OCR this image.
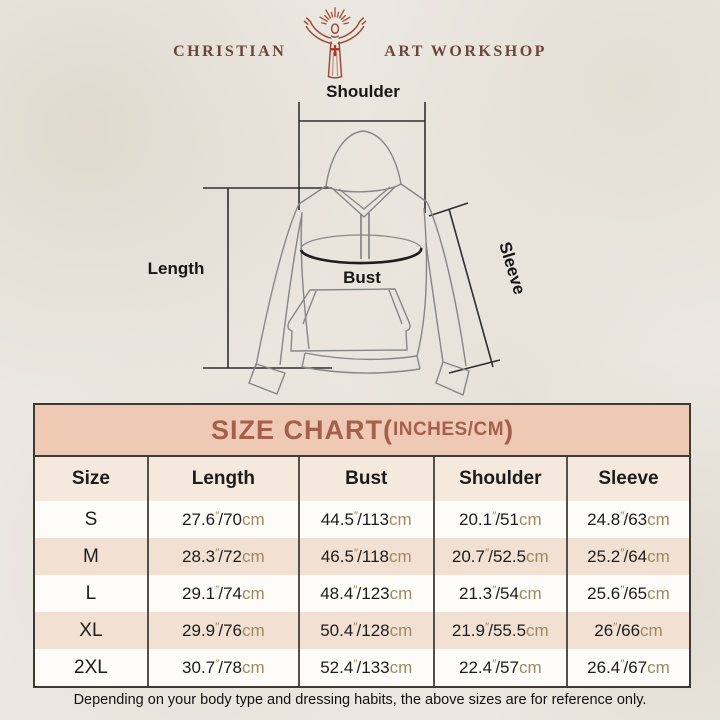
CHRISTIAN	ART WORKSHOP
Shoulder
Length	Bust	Sleeve
SIZE CHART( INCHES/CM )
Size	Length	Bust	Shoulder	Sleeve
S	27.6″/70cm	44.5″/113cm	20.1″/51cm	24.8″/63cm
M	28.3″/72cm	46.5″/118cm	20.7″/52.5cm	25.2″/64cm
L	29.1″/74cm	48.4″/123cm	21.3″/54cm	25.6″/65cm
XL	29.9″/76cm	50.4″/128cm	21.9″/55.5cm	26″/66cm
2XL	30.7″/78cm	52.4″/133cm	22.4″/57cm	26.4″/67cm
Depending on your body type and dressing habits, the above sizes are for reference only.
